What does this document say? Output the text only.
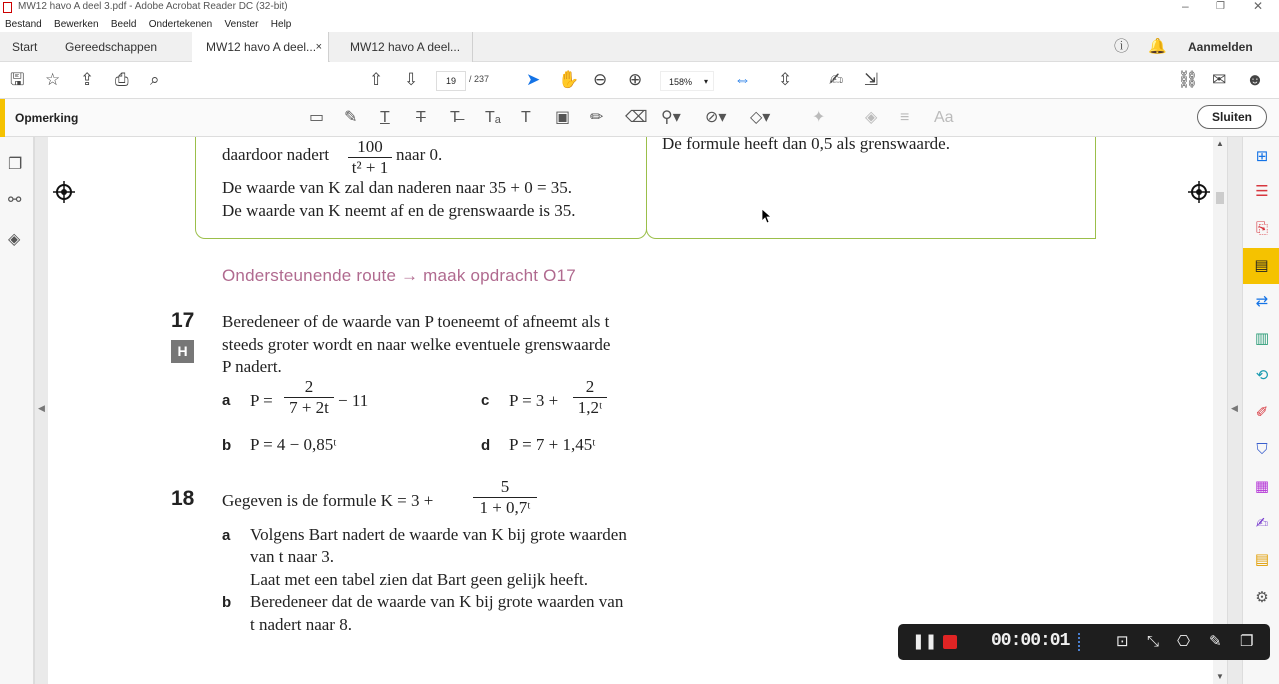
MW12 havo A deel 3.pdf - Adobe Acrobat Reader DC (32-bit)	–	❐ ✕
Bestand Bewerken Beeld Ondertekenen Venster Help
Start Gereedschappen	MW12 havo A deel... ×	MW12 havo A deel...	ⓘ 🔔 Aanmelden
🖫 ☆ ⇪ ⎙ ⌕	⇧ ⇩	19	/ 237 ➤ ✋ ⊖ ⊕	158% ▾ ⇔ ⇳ ✍ ⇲	⛓ ✉ ☻
Opmerking	▭ ✎ T T T̶ Tₐ T ▣ ✏ ⌫ ⚲▾ ⊘▾ ◇▾	✦ ◈ ≡ Aa	Sluiten
❐
⚯
◈
◀
daardoor nadert	100
t² + 1
naar 0.
De waarde van K zal dan naderen naar 35 + 0 = 35.
De waarde van K neemt af en de grenswaarde is 35.
De formule heeft dan 0,5 als grenswaarde.
Ondersteunende route → maak opdracht O17
17
H
Beredeneer of de waarde van P toeneemt of afneemt als t
steeds groter wordt en naar welke eventuele grenswaarde
P nadert.
a P =
2
7 + 2t − 11	c P = 3 +
2
1,2ᵗ
b P = 4 − 0,85ᵗ	d P = 7 + 1,45ᵗ
18 Gegeven is de formule K = 3 +
5
1 + 0,7ᵗ
a Volgens Bart nadert de waarde van K bij grote waarden
van t naar 3.
Laat met een tabel zien dat Bart geen gelijk heeft.
b Beredeneer dat de waarde van K bij grote waarden van
t nadert naar 8.
▲
▼
◀
⊞
☰
⎘
▤
⇄
▥
⟲
✐
⛉
▦
✍
▤
⚙
❚❚	00:00:01	⊡ ⤡ ⎔ ✎ ❐
